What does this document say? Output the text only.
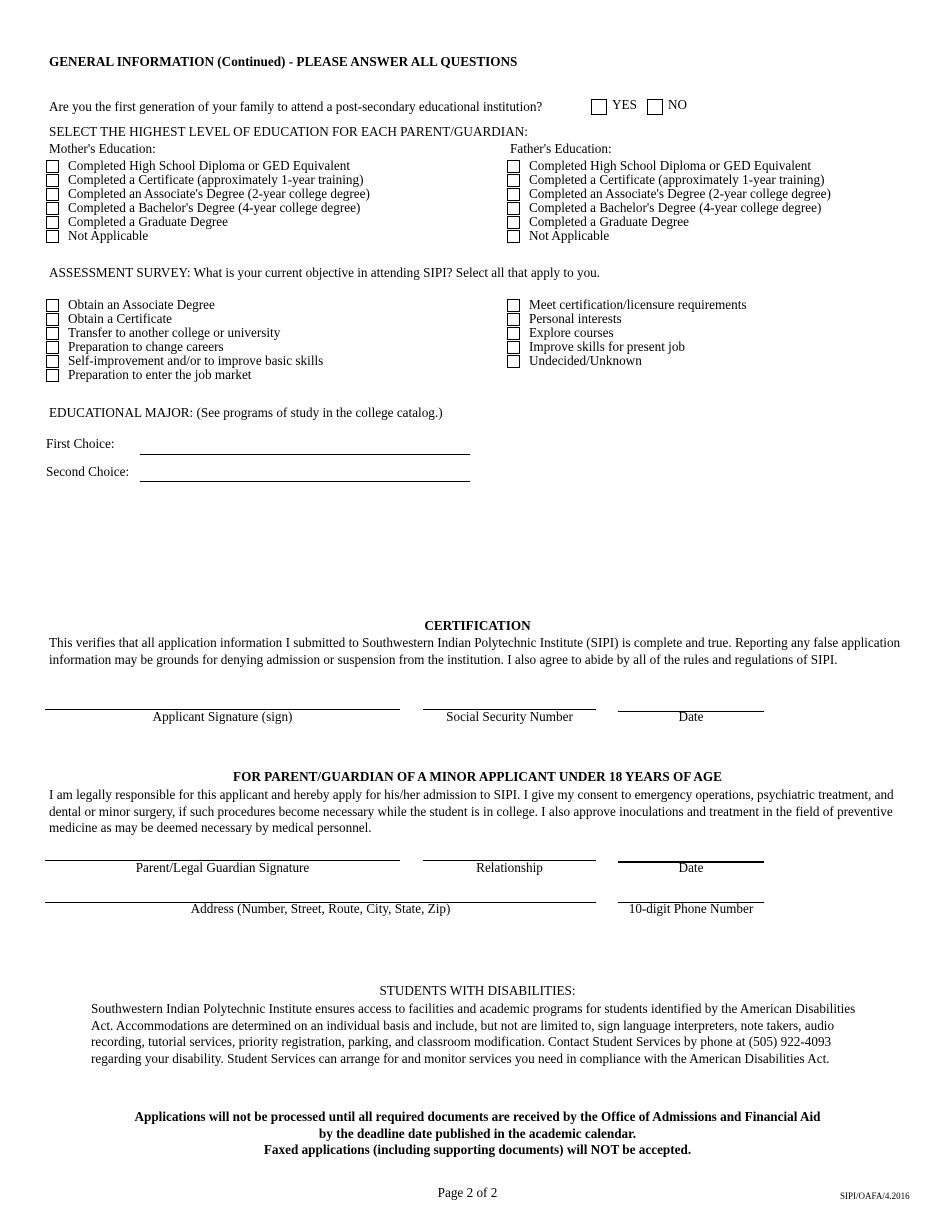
GENERAL INFORMATION (Continued) - PLEASE ANSWER ALL QUESTIONS
Are you the first generation of your family to attend a post-secondary educational institution?	YES NO
SELECT THE HIGHEST LEVEL OF EDUCATION FOR EACH PARENT/GUARDIAN:
Mother's Education:	Father's Education:
Completed High School Diploma or GED Equivalent
Completed a Certificate (approximately 1-year training)
Completed an Associate's Degree (2-year college degree)
Completed a Bachelor's Degree (4-year college degree)
Completed a Graduate Degree
Not Applicable
Completed High School Diploma or GED Equivalent
Completed a Certificate (approximately 1-year training)
Completed an Associate's Degree (2-year college degree)
Completed a Bachelor's Degree (4-year college degree)
Completed a Graduate Degree
Not Applicable
ASSESSMENT SURVEY: What is your current objective in attending SIPI? Select all that apply to you.
Obtain an Associate Degree
Obtain a Certificate
Transfer to another college or university
Preparation to change careers
Self-improvement and/or to improve basic skills
Preparation to enter the job market
Meet certification/licensure requirements
Personal interests
Explore courses
Improve skills for present job
Undecided/Unknown
EDUCATIONAL MAJOR: (See programs of study in the college catalog.)
First Choice:
Second Choice:
CERTIFICATION
This verifies that all application information I submitted to Southwestern Indian Polytechnic Institute (SIPI) is complete and true. Reporting any false application information may be grounds for denying admission or suspension from the institution. I also agree to abide by all of the rules and regulations of SIPI.
Applicant Signature (sign)	Social Security Number	Date
FOR PARENT/GUARDIAN OF A MINOR APPLICANT UNDER 18 YEARS OF AGE
I am legally responsible for this applicant and hereby apply for his/her admission to SIPI. I give my consent to emergency operations, psychiatric treatment, and dental or minor surgery, if such procedures become necessary while the student is in college. I also approve inoculations and treatment in the field of preventive medicine as may be deemed necessary by medical personnel.
Parent/Legal Guardian Signature	Relationship	Date
Address (Number, Street, Route, City, State, Zip)	10-digit Phone Number
STUDENTS WITH DISABILITIES:
Southwestern Indian Polytechnic Institute ensures access to facilities and academic programs for students identified by the American Disabilities Act. Accommodations are determined on an individual basis and include, but not are limited to, sign language interpreters, note takers, audio recording, tutorial services, priority registration, parking, and classroom modification. Contact Student Services by phone at (505) 922-4093 regarding your disability. Student Services can arrange for and monitor services you need in compliance with the American Disabilities Act.
Applications will not be processed until all required documents are received by the Office of Admissions and Financial Aid
by the deadline date published in the academic calendar.
Faxed applications (including supporting documents) will NOT be accepted.
Page 2 of 2	SIPI/OAFA/4.2016
